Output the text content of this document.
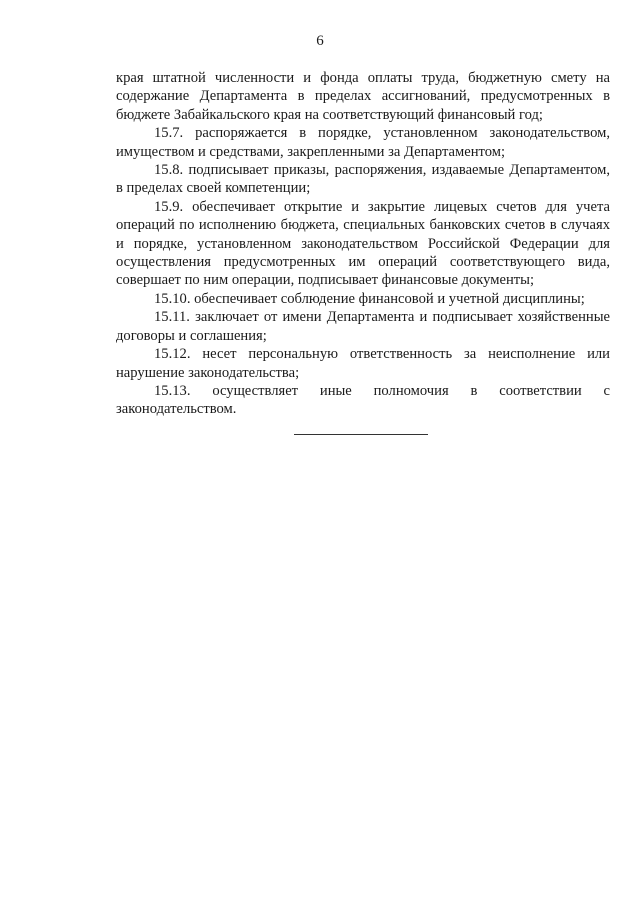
6

края штатной численности и фонда оплаты труда, бюджетную смету на содержание Департамента в пределах ассигнований, предусмотренных в бюджете Забайкальского края на соответствующий финансовый год;

15.7. распоряжается в порядке, установленном законодательством, имуществом и средствами, закрепленными за Департаментом;

15.8. подписывает приказы, распоряжения, издаваемые Департаментом, в пределах своей компетенции;

15.9. обеспечивает открытие и закрытие лицевых счетов для учета операций по исполнению бюджета, специальных банковских счетов в случаях и порядке, установленном законодательством Российской Федерации для осуществления предусмотренных им операций соответствующего вида, совершает по ним операции, подписывает финансовые документы;

15.10. обеспечивает соблюдение финансовой и учетной дисциплины;

15.11. заключает от имени Департамента и подписывает хозяйственные договоры и соглашения;

15.12. несет персональную ответственность за неисполнение или нарушение законодательства;

15.13. осуществляет иные полномочия в соответствии с законодательством.
